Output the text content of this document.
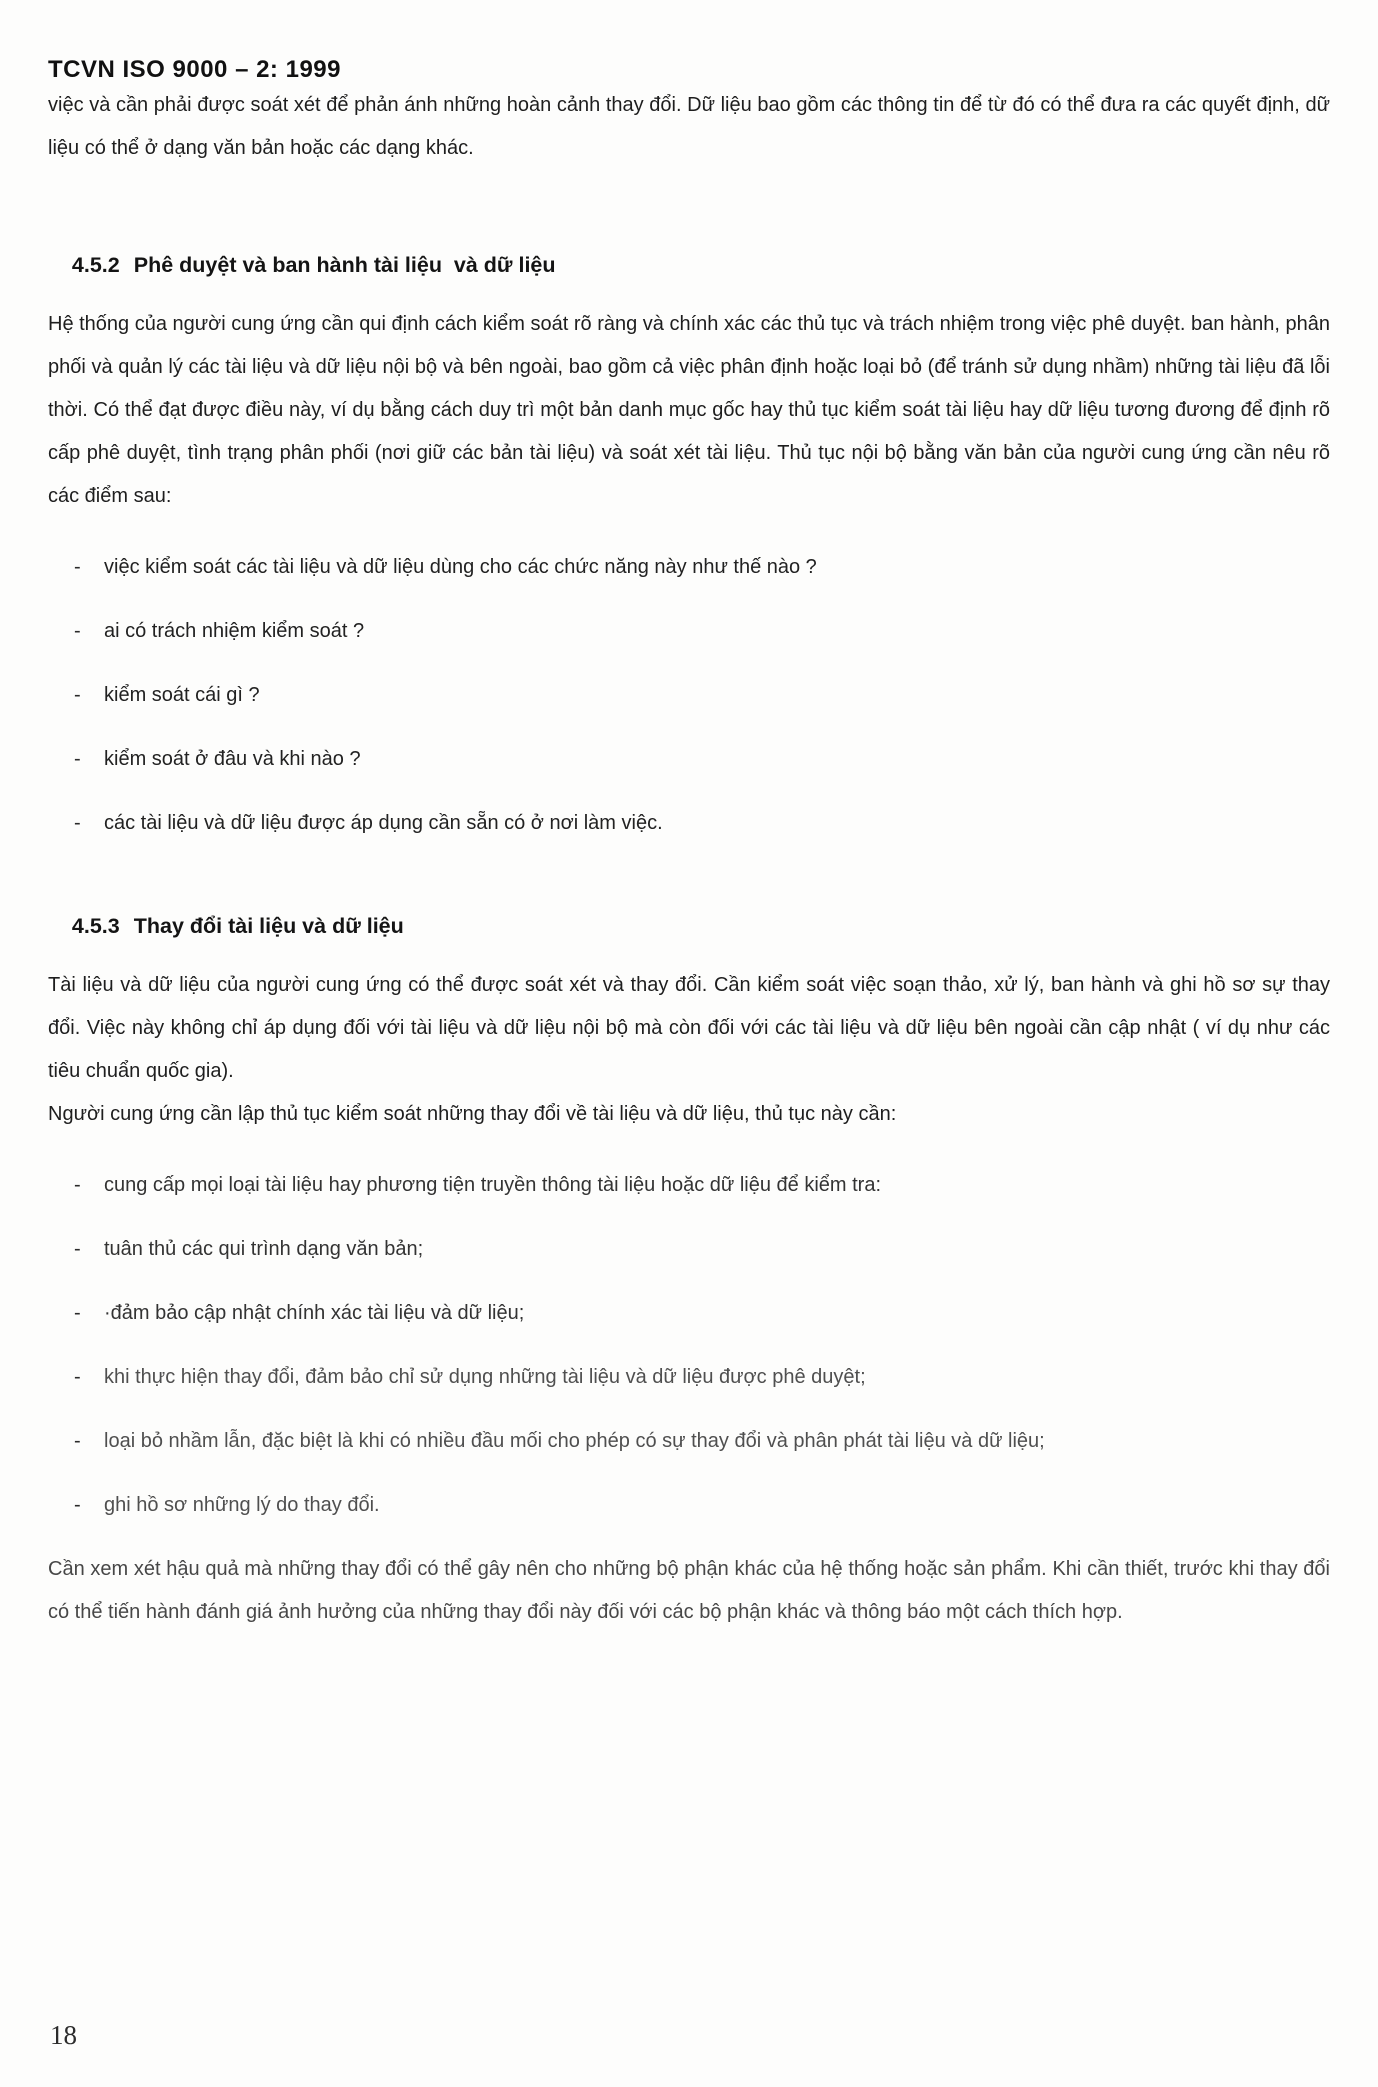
TCVN ISO 9000 – 2: 1999

việc và cần phải được soát xét để phản ánh những hoàn cảnh thay đổi. Dữ liệu bao gồm các thông tin để từ đó có thể đưa ra các quyết định, dữ liệu có thể ở dạng văn bản hoặc các dạng khác.

4.5.2 Phê duyệt và ban hành tài liệu  và dữ liệu

Hệ thống của người cung ứng cần qui định cách kiểm soát rõ ràng và chính xác các thủ tục và trách nhiệm trong việc phê duyệt. ban hành, phân phối và quản lý các tài liệu và dữ liệu nội bộ và bên ngoài, bao gồm cả việc phân định hoặc loại bỏ (để tránh sử dụng nhầm) những tài liệu đã lỗi thời. Có thể đạt được điều này, ví dụ bằng cách duy trì một bản danh mục gốc hay thủ tục kiểm soát tài liệu hay dữ liệu tương đương để định rõ cấp phê duyệt, tình trạng phân phối (nơi giữ các bản tài liệu) và soát xét tài liệu. Thủ tục nội bộ bằng văn bản của người cung ứng cần nêu rõ các điểm sau:

-	việc kiểm soát các tài liệu và dữ liệu dùng cho các chức năng này như thế nào ?
-	ai có trách nhiệm kiểm soát ?
-	kiểm soát cái gì ?
-	kiểm soát ở đâu và khi nào ?
-	các tài liệu và dữ liệu được áp dụng cần sẵn có ở nơi làm việc.

4.5.3 Thay đổi tài liệu và dữ liệu

Tài liệu và dữ liệu của người cung ứng có thể được soát xét và thay đổi. Cần kiểm soát việc soạn thảo, xử lý, ban hành và ghi hồ sơ sự thay đổi. Việc này không chỉ áp dụng đối với tài liệu và dữ liệu nội bộ mà còn đối với các tài liệu và dữ liệu bên ngoài cần cập nhật ( ví dụ như các tiêu chuẩn quốc gia).

Người cung ứng cần lập thủ tục kiểm soát những thay đổi về tài liệu và dữ liệu, thủ tục này cần:

-	cung cấp mọi loại tài liệu hay phương tiện truyền thông tài liệu hoặc dữ liệu để kiểm tra:
-	tuân thủ các qui trình dạng văn bản;
-	·đảm bảo cập nhật chính xác tài liệu và dữ liệu;
-	khi thực hiện thay đổi, đảm bảo chỉ sử dụng những tài liệu và dữ liệu được phê duyệt;
-	loại bỏ nhầm lẫn, đặc biệt là khi có nhiều đầu mối cho phép có sự thay đổi và phân phát tài liệu và dữ liệu;
-	ghi hồ sơ những lý do thay đổi.

Cần xem xét hậu quả mà những thay đổi có thể gây nên cho những bộ phận khác của hệ thống hoặc sản phẩm. Khi cần thiết, trước khi thay đổi có thể tiến hành đánh giá ảnh hưởng của những thay đổi này đối với các bộ phận khác và thông báo một cách thích hợp.

18
